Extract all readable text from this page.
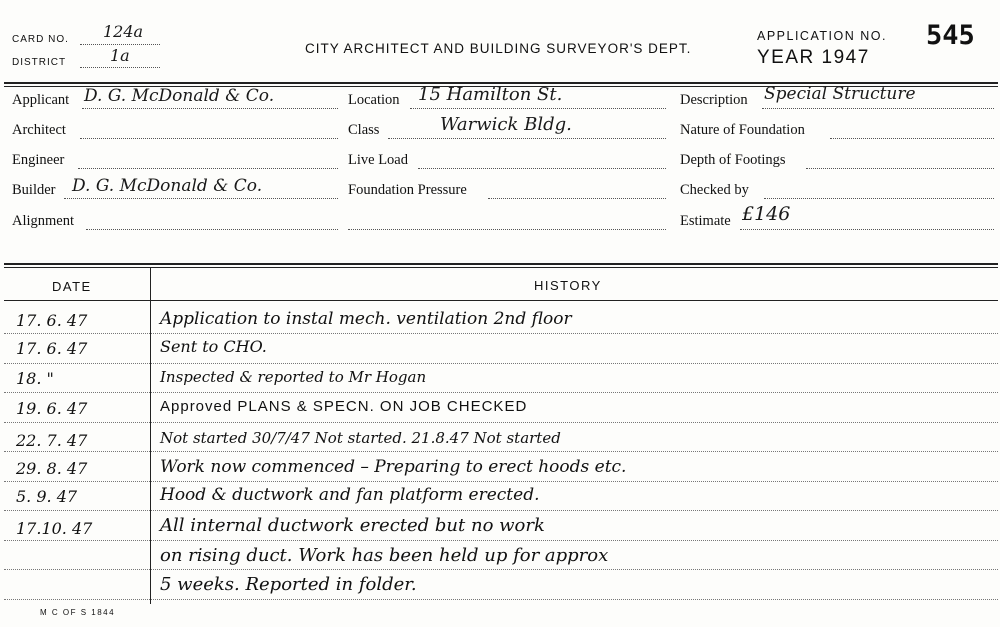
CARD NO. 124a
DISTRICT	1a	CITY ARCHITECT AND BUILDING SURVEYOR'S DEPT.
APPLICATION NO. 545
YEAR 1947
Applicant D. G. McDonald & Co.
Architect
Engineer
Builder D. G. McDonald & Co.
Alignment
Location 15 Hamilton St.
Class	Warwick Bldg.
Live Load
Foundation Pressure
Description Special Structure
Nature of Foundation
Depth of Footings
Checked by
Estimate £146
DATE	HISTORY
17. 6. 47	Application to instal mech. ventilation 2nd floor
17. 6. 47	Sent to CHO.
18. "	Inspected & reported to Mr Hogan
19. 6. 47	Approved PLANS & SPECN. ON JOB CHECKED
22. 7. 47	Not started 30/7/47 Not started. 21.8.47 Not started
29. 8. 47	Work now commenced – Preparing to erect hoods etc.
5. 9. 47	Hood & ductwork and fan platform erected.
17.10. 47	All internal ductwork erected but no work
on rising duct. Work has been held up for approx
5 weeks. Reported in folder.
M C OF S 1844
